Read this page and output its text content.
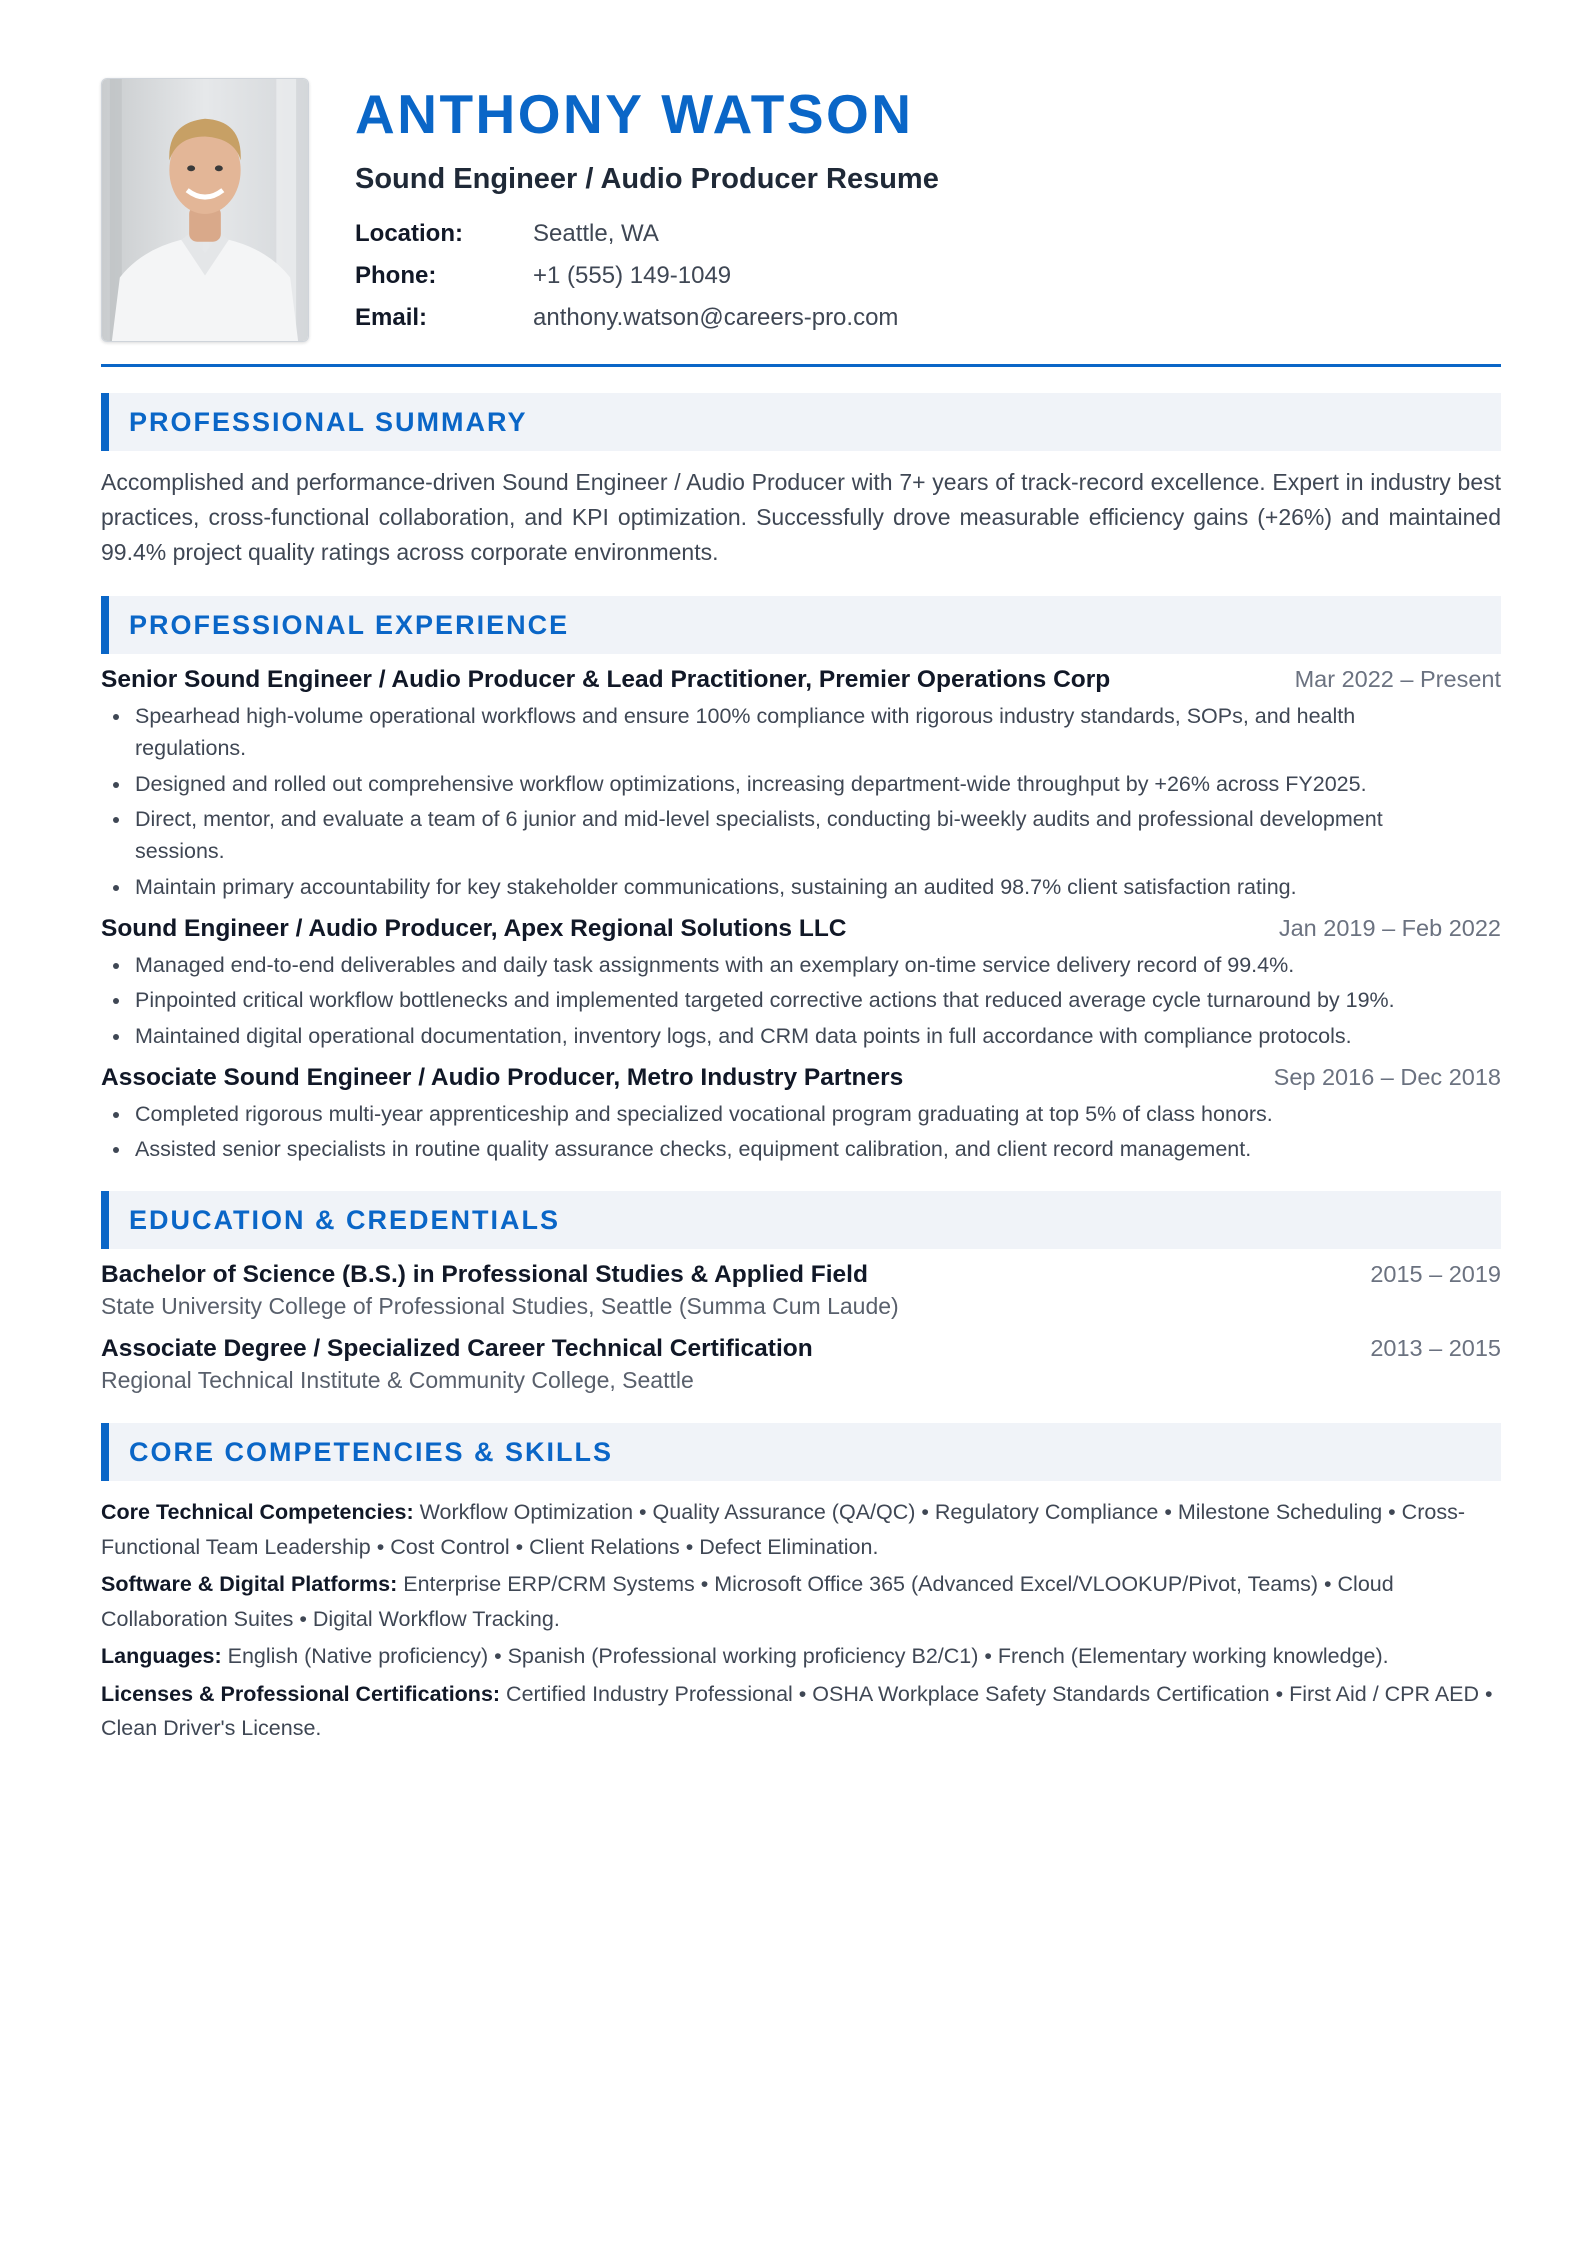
ANTHONY WATSON
Sound Engineer / Audio Producer Resume
Location:	Seattle, WA
Phone:	+1 (555) 149-1049
Email:	anthony.watson@careers-pro.com
PROFESSIONAL SUMMARY

Accomplished and performance-driven Sound Engineer / Audio Producer with 7+ years of track-record excellence. Expert in industry best practices, cross-functional collaboration, and KPI optimization. Successfully drove measurable efficiency gains (+26%) and maintained 99.4% project quality ratings across corporate environments.

PROFESSIONAL EXPERIENCE
Senior Sound Engineer / Audio Producer & Lead Practitioner, Premier Operations Corp	Mar 2022 – Present
Spearhead high-volume operational workflows and ensure 100% compliance with rigorous industry standards, SOPs, and health regulations.
Designed and rolled out comprehensive workflow optimizations, increasing department-wide throughput by +26% across FY2025.
Direct, mentor, and evaluate a team of 6 junior and mid-level specialists, conducting bi-weekly audits and professional development sessions.
Maintain primary accountability for key stakeholder communications, sustaining an audited 98.7% client satisfaction rating.
Sound Engineer / Audio Producer, Apex Regional Solutions LLC	Jan 2019 – Feb 2022
Managed end-to-end deliverables and daily task assignments with an exemplary on-time service delivery record of 99.4%.
Pinpointed critical workflow bottlenecks and implemented targeted corrective actions that reduced average cycle turnaround by 19%.
Maintained digital operational documentation, inventory logs, and CRM data points in full accordance with compliance protocols.
Associate Sound Engineer / Audio Producer, Metro Industry Partners	Sep 2016 – Dec 2018
Completed rigorous multi-year apprenticeship and specialized vocational program graduating at top 5% of class honors.
Assisted senior specialists in routine quality assurance checks, equipment calibration, and client record management.
EDUCATION & CREDENTIALS
Bachelor of Science (B.S.) in Professional Studies & Applied Field	2015 – 2019
State University College of Professional Studies, Seattle (Summa Cum Laude)
Associate Degree / Specialized Career Technical Certification	2013 – 2015
Regional Technical Institute & Community College, Seattle
CORE COMPETENCIES & SKILLS
Core Technical Competencies: Workflow Optimization • Quality Assurance (QA/QC) • Regulatory Compliance • Milestone Scheduling • Cross-Functional Team Leadership • Cost Control • Client Relations • Defect Elimination.
Software & Digital Platforms: Enterprise ERP/CRM Systems • Microsoft Office 365 (Advanced Excel/VLOOKUP/Pivot, Teams) • Cloud Collaboration Suites • Digital Workflow Tracking.
Languages: English (Native proficiency) • Spanish (Professional working proficiency B2/C1) • French (Elementary working knowledge).
Licenses & Professional Certifications: Certified Industry Professional • OSHA Workplace Safety Standards Certification • First Aid / CPR AED • Clean Driver's License.
